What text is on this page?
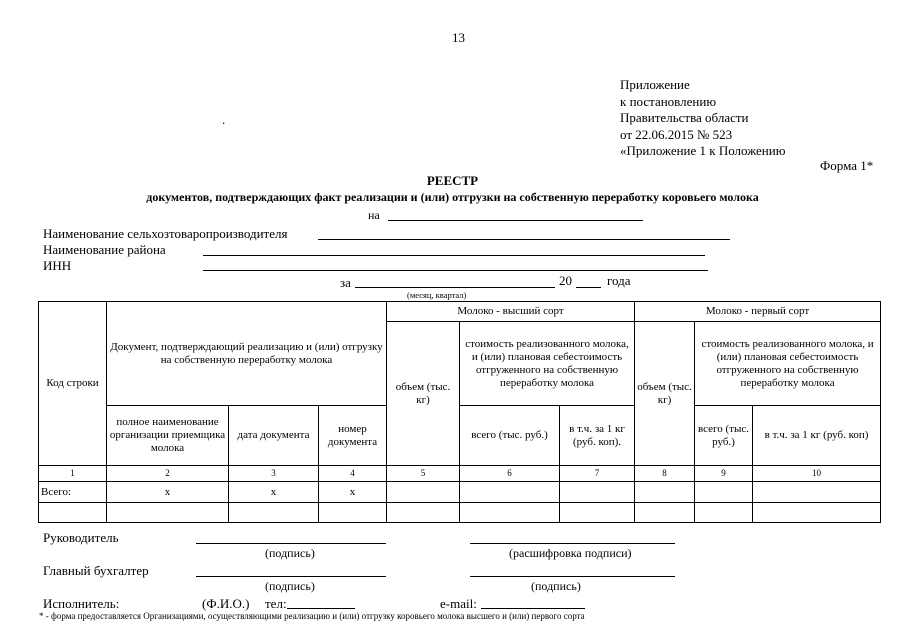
13
Приложение
к постановлению
Правительства области
от 22.06.2015 № 523
«Приложение 1 к Положению
.
Форма 1*
РЕЕСТР
документов, подтверждающих факт реализации и (или) отгрузки на собственную переработку коровьего молока
на
Наименование сельхозтоваропроизводителя
Наименование района
ИНН
за	20	года
(месяц, квартал)
Код строки	Документ, подтверждающий реализацию и (или) отгрузку на собственную переработку молока			Молоко - высший сорт			Молоко - первый сорт		
				объем (тыс. кг)	стоимость реализованного молока, и (или) плановая себестоимость отгруженного на собственную переработку молока		объем (тыс. кг)	стоимость реализованного молока, и (или) плановая себестоимость отгруженного на собственную переработку молока	
	полное наименование организации приемщика молока	дата документа	номер документа		всего (тыс. руб.)	в т.ч. за 1 кг (руб. коп).		всего (тыс. руб.)	в т.ч. за 1 кг (руб. коп)
1	2	3	4	5	6	7	8	9	10
Всего:	х	х	х						

Руководитель
(подпись)	(расшифровка подписи)
Главный бухгалтер
(подпись)	(подпись)
Исполнитель:	(Ф.И.О.) тел:	e-mail:
* - форма предоставляется Организациями, осуществляющими реализацию и (или) отгрузку коровьего молока высшего и (или) первого сорта
